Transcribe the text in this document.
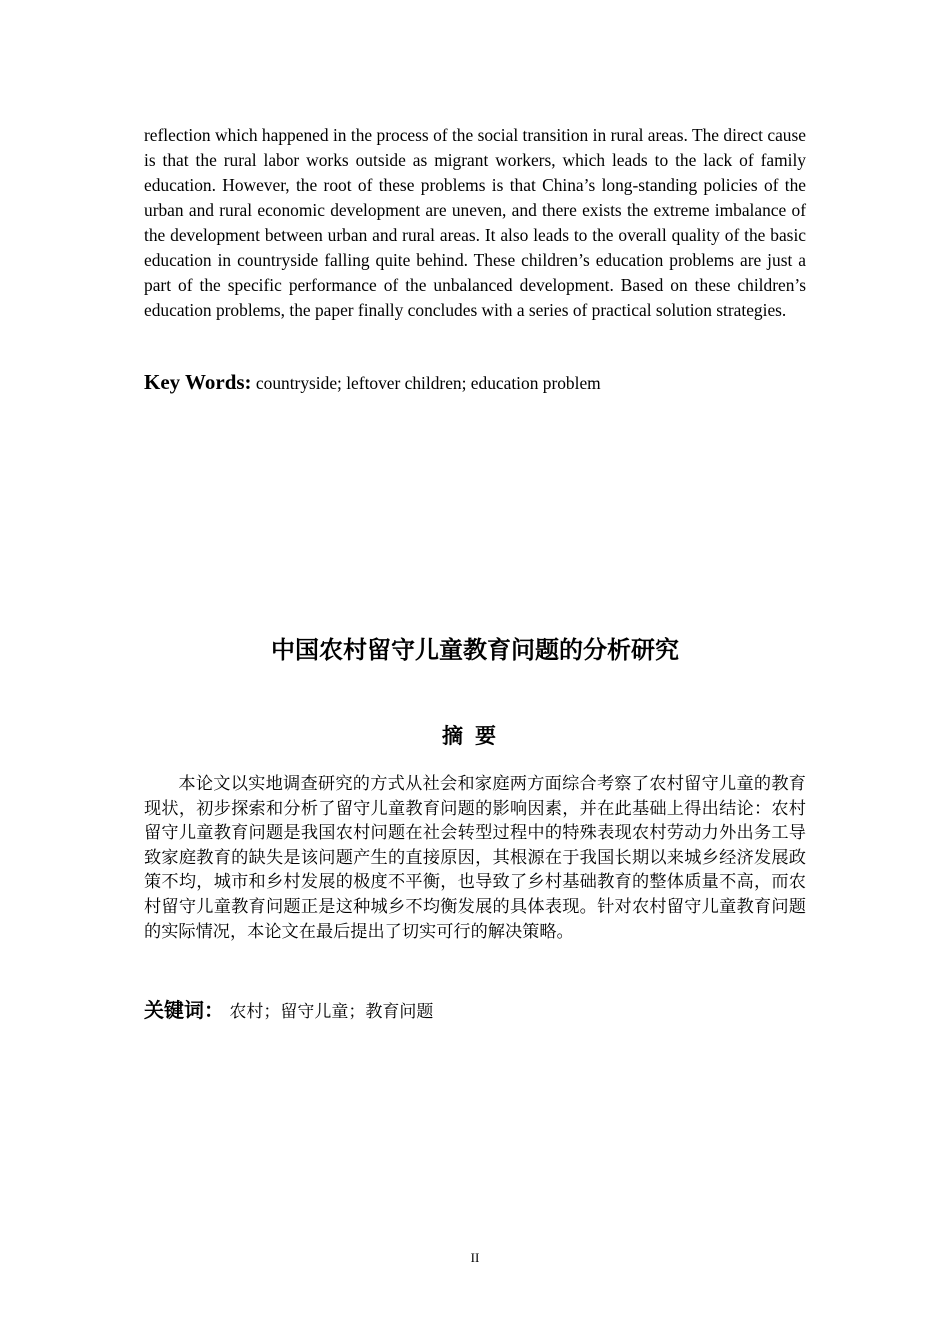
reflection which happened in the process of the social transition in rural areas. The direct cause is that the rural labor works outside as migrant workers, which leads to the lack of family education. However, the root of these problems is that China’s long-standing policies of the urban and rural economic development are uneven, and there exists the extreme imbalance of the development between urban and rural areas. It also leads to the overall quality of the basic education in countryside falling quite behind. These children’s education problems are just a part of the specific performance of the unbalanced development. Based on these children’s education problems, the paper finally concludes with a series of practical solution strategies.

Key Words: countryside; leftover children; education problem

中国农村留守儿童教育问题的分析研究
摘要

本论文以实地调查研究的方式从社会和家庭两方面综合考察了农村留守儿童的教育现状，初步探索和分析了留守儿童教育问题的影响因素，并在此基础上得出结论：农村留守儿童教育问题是我国农村问题在社会转型过程中的特殊表现农村劳动力外出务工导致家庭教育的缺失是该问题产生的直接原因，其根源在于我国长期以来城乡经济发展政策不均，城市和乡村发展的极度不平衡，也导致了乡村基础教育的整体质量不高，而农村留守儿童教育问题正是这种城乡不均衡发展的具体表现。针对农村留守儿童教育问题的实际情况，本论文在最后提出了切实可行的解决策略。

关键词： 农村；留守儿童；教育问题

II
